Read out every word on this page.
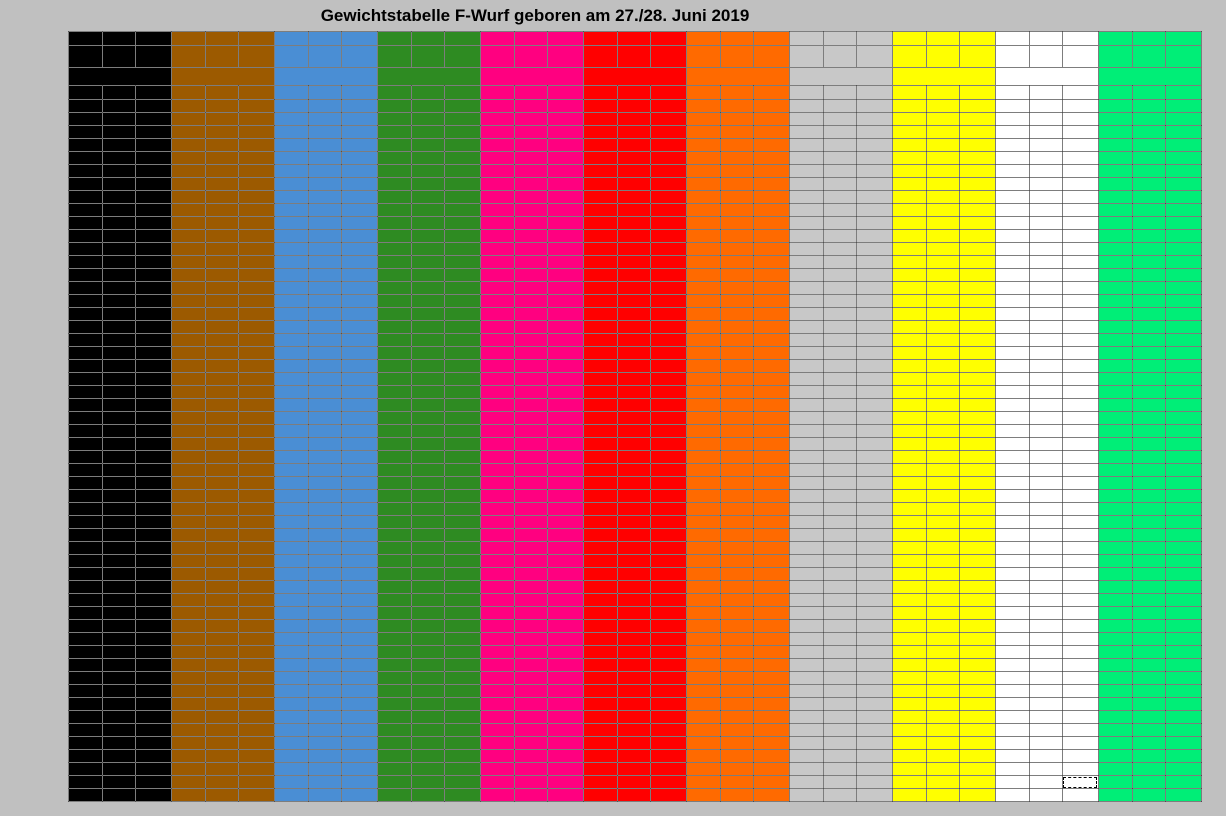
Gewichtstabelle F-Wurf geboren am 27./28. Juni 2019
